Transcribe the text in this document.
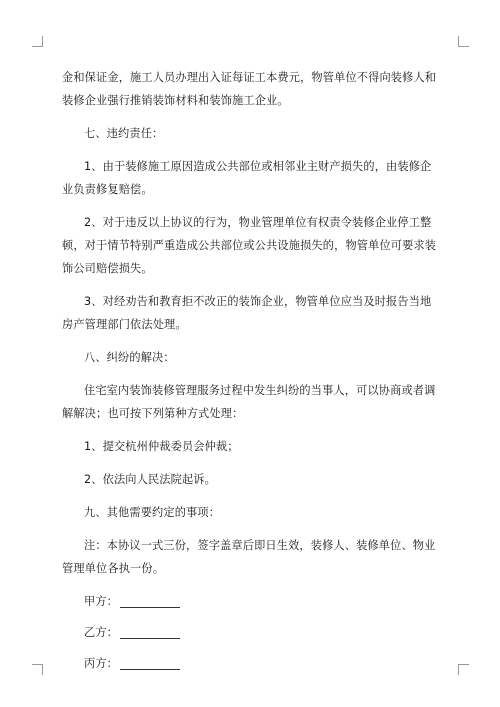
金和保证金，施工人员办理出入证每证工本费元，物管单位不得向装修人和装修企业强行推销装饰材料和装饰施工企业。

七、违约责任：

1、由于装修施工原因造成公共部位或相邻业主财产损失的，由装修企业负责修复赔偿。

2、对于违反以上协议的行为，物业管理单位有权责令装修企业停工整顿，对于情节特别严重造成公共部位或公共设施损失的，物管单位可要求装饰公司赔偿损失。

3、对经劝告和教育拒不改正的装饰企业，物管单位应当及时报告当地房产管理部门依法处理。

八、纠纷的解决：

住宅室内装饰装修管理服务过程中发生纠纷的当事人，可以协商或者调解解决；也可按下列第种方式处理：

1、提交杭州仲裁委员会仲裁；

2、依法向人民法院起诉。

九、其他需要约定的事项：

注：本协议一式三份，签字盖章后即日生效，装修人、装修单位、物业管理单位各执一份。

甲方：
乙方：
丙方：
